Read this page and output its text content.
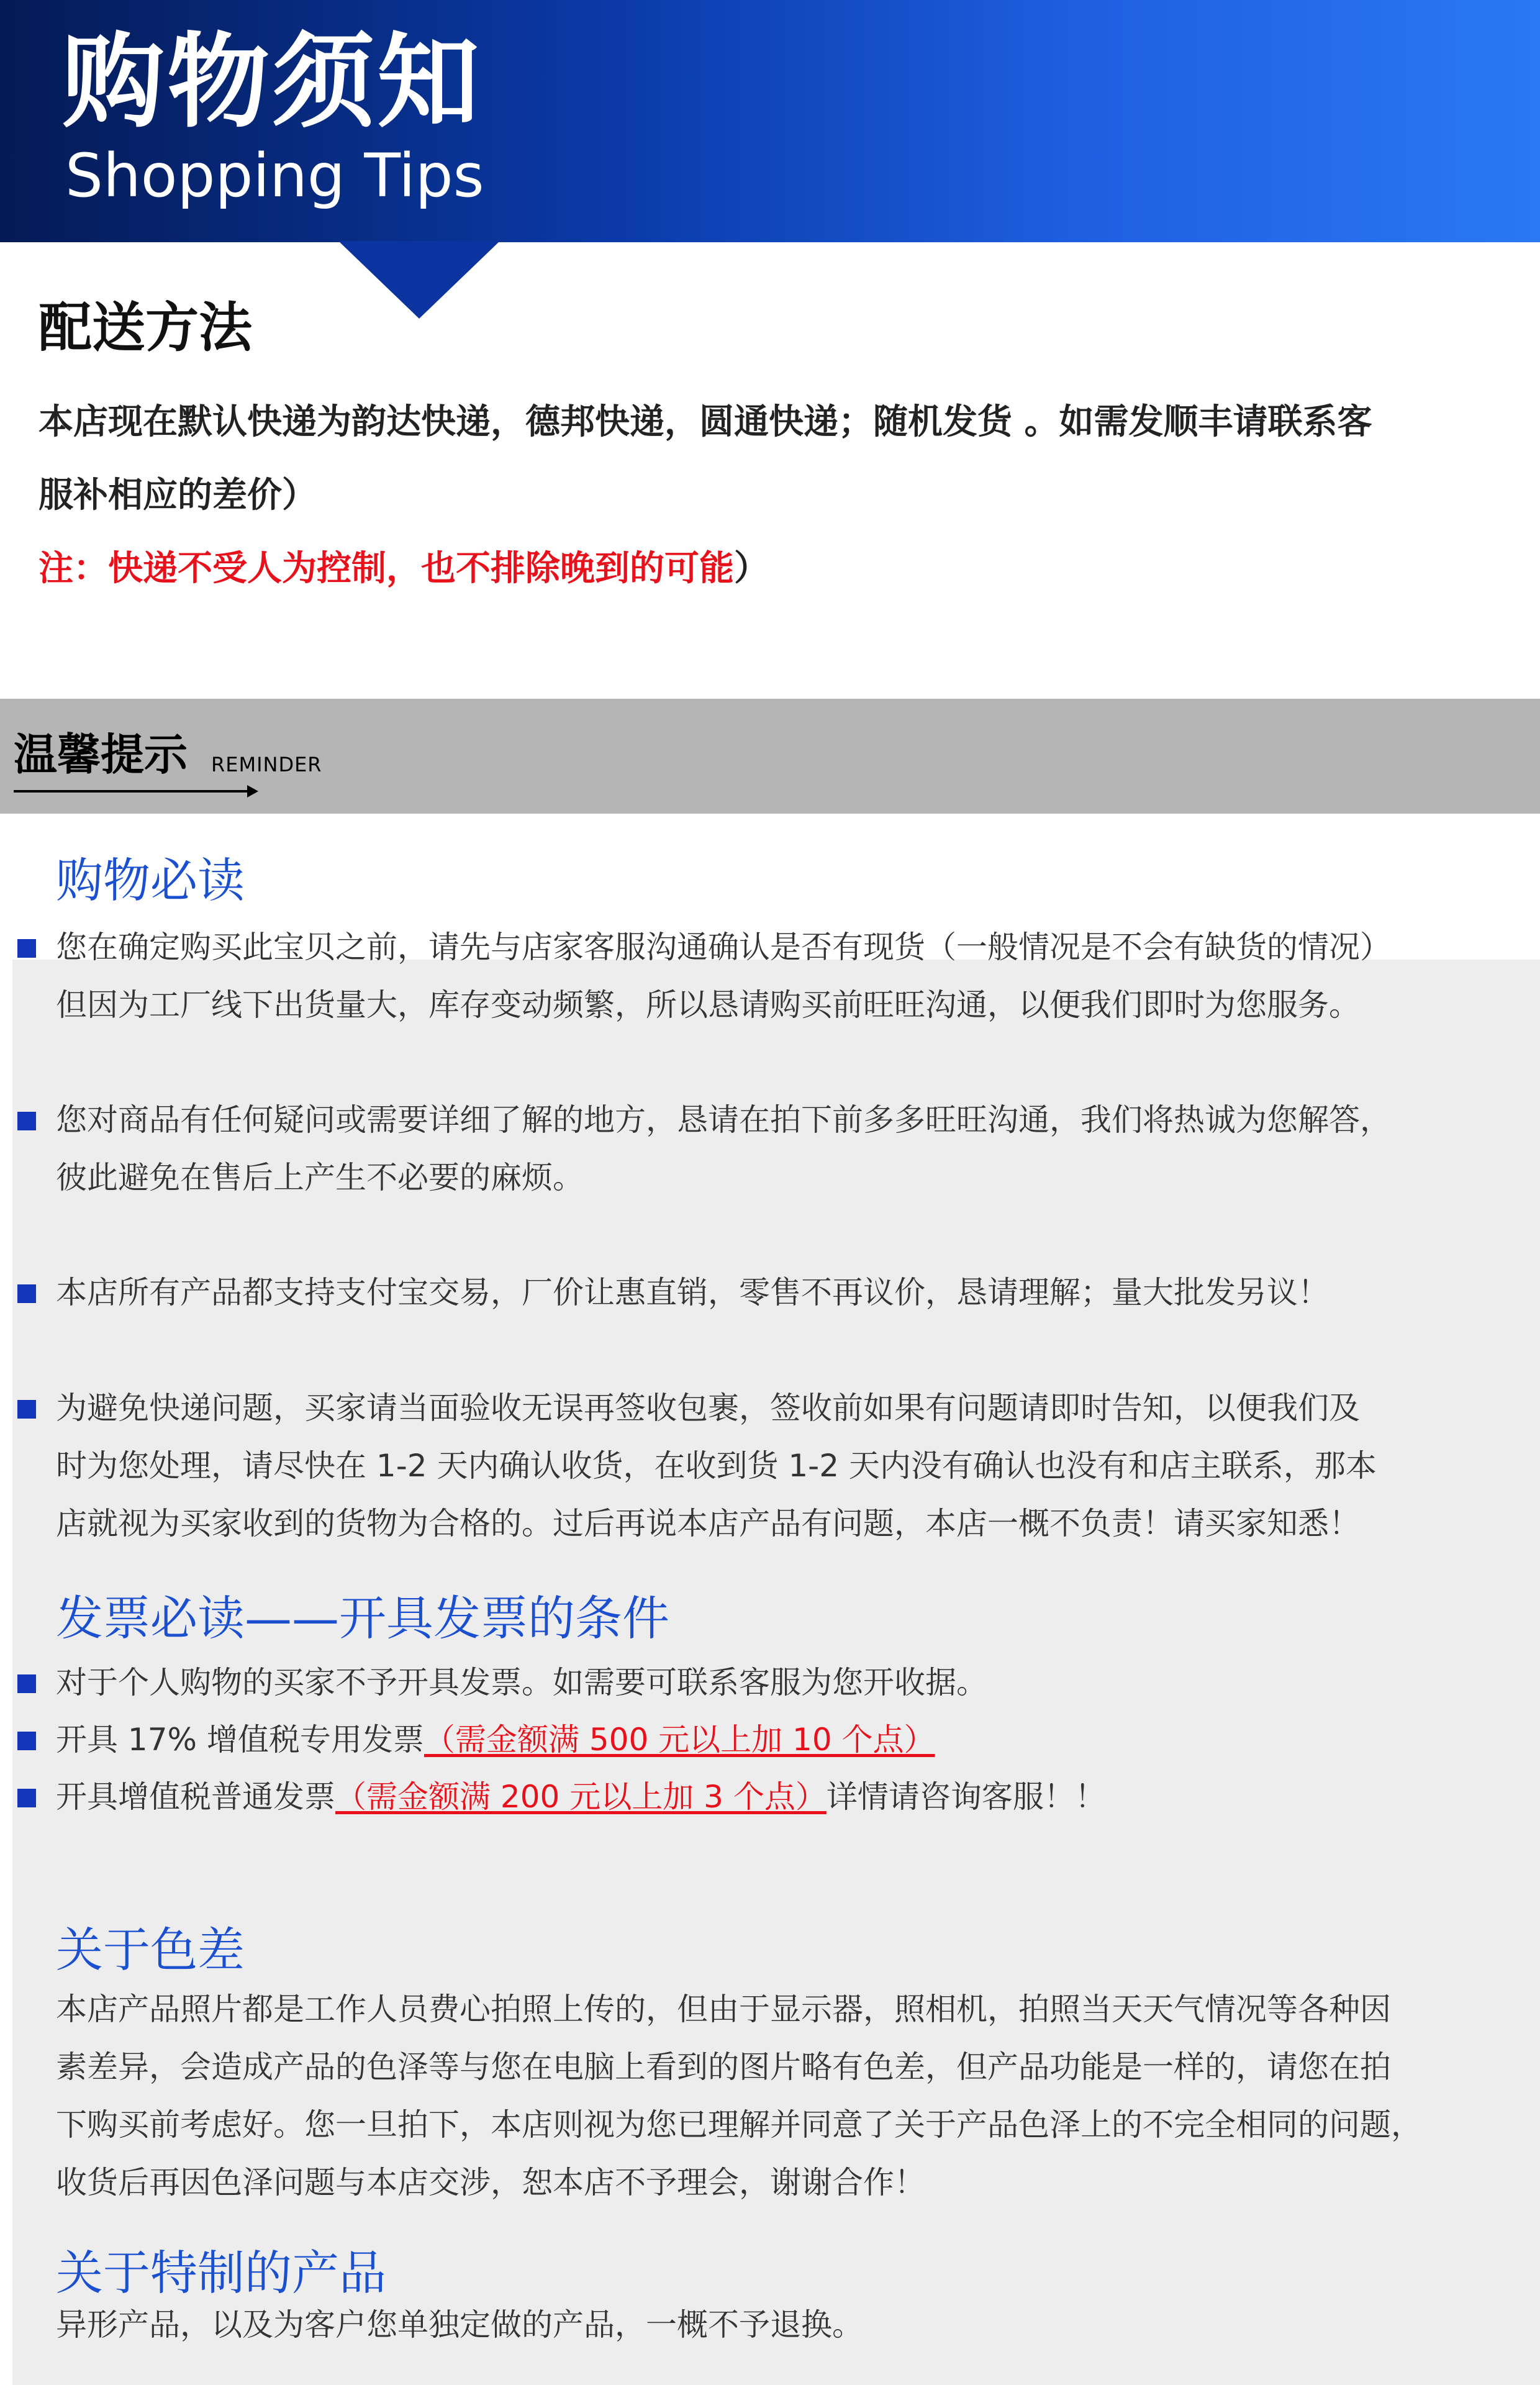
购物须知
Shopping Tips
配送方法
本店现在默认快递为韵达快递，德邦快递，圆通快递；随机发货 。如需发顺丰请联系客
服补相应的差价）
注：快递不受人为控制，也不排除晚到的可能）
温馨提示 REMINDER
购物必读
您在确定购买此宝贝之前，请先与店家客服沟通确认是否有现货（一般情况是不会有缺货的情况）
但因为工厂线下出货量大，库存变动频繁，所以恳请购买前旺旺沟通，以便我们即时为您服务。
您对商品有任何疑问或需要详细了解的地方，恳请在拍下前多多旺旺沟通，我们将热诚为您解答，
彼此避免在售后上产生不必要的麻烦。
本店所有产品都支持支付宝交易，厂价让惠直销，零售不再议价，恳请理解；量大批发另议！
为避免快递问题，买家请当面验收无误再签收包裹，签收前如果有问题请即时告知，以便我们及
时为您处理，请尽快在 1-2 天内确认收货，在收到货 1-2 天内没有确认也没有和店主联系，那本
店就视为买家收到的货物为合格的。过后再说本店产品有问题，本店一概不负责！请买家知悉！
发票必读——开具发票的条件
对于个人购物的买家不予开具发票。如需要可联系客服为您开收据。
开具 17% 增值税专用发票（需金额满 500 元以上加 10 个点）
开具增值税普通发票（需金额满 200 元以上加 3 个点）详情请咨询客服！！
关于色差
本店产品照片都是工作人员费心拍照上传的，但由于显示器，照相机，拍照当天天气情况等各种因
素差异，会造成产品的色泽等与您在电脑上看到的图片略有色差，但产品功能是一样的，请您在拍
下购买前考虑好。您一旦拍下，本店则视为您已理解并同意了关于产品色泽上的不完全相同的问题，
收货后再因色泽问题与本店交涉，恕本店不予理会，谢谢合作！
关于特制的产品
异形产品，以及为客户您单独定做的产品，一概不予退换。
